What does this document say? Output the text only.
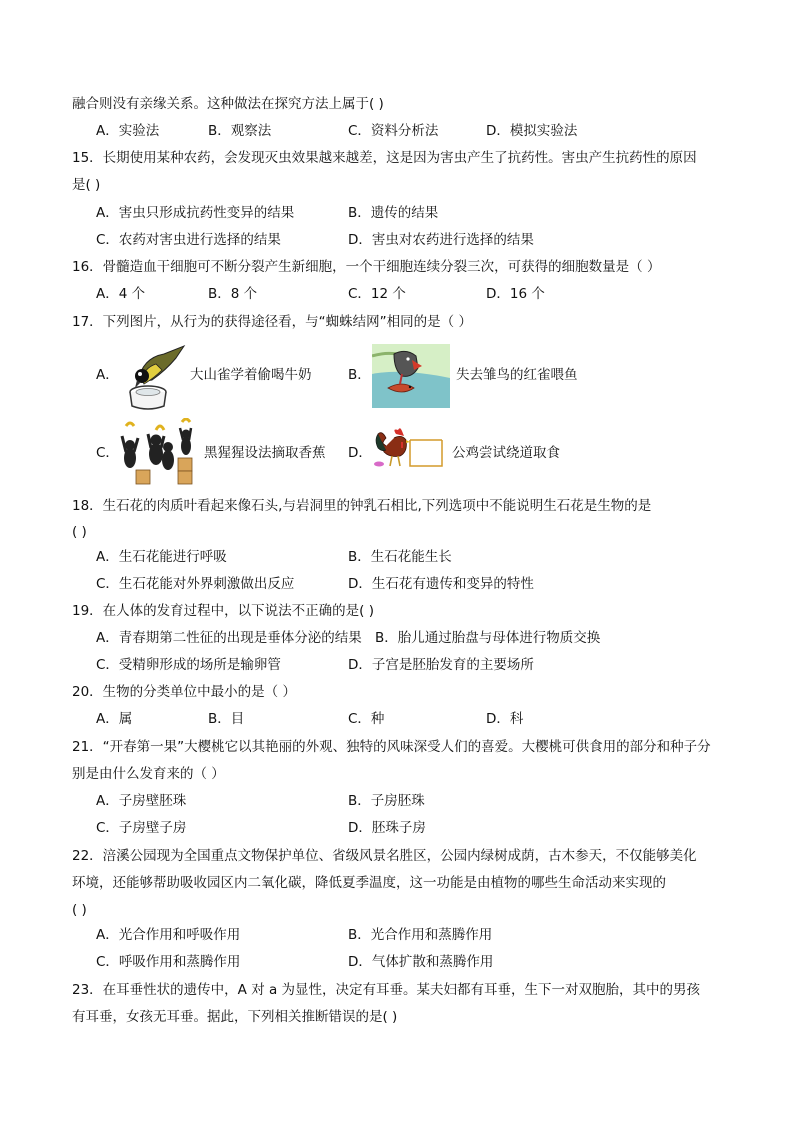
融合则没有亲缘关系。这种做法在探究方法上属于( )
A．实验法	B．观察法	C．资料分析法	D．模拟实验法
15．长期使用某种农药，会发现灭虫效果越来越差，这是因为害虫产生了抗药性。害虫产生抗药性的原因
是( )
A．害虫只形成抗药性变异的结果	B．遗传的结果
C．农药对害虫进行选择的结果	D．害虫对农药进行选择的结果
16．骨髓造血干细胞可不断分裂产生新细胞，一个干细胞连续分裂三次，可获得的细胞数量是（ ）
A．4 个	B．8 个	C．12 个	D．16 个
17．下列图片，从行为的获得途径看，与“蜘蛛结网”相同的是（ ）
A．	大山雀学着偷喝牛奶	B．	失去雏鸟的红雀喂鱼
C．	黑猩猩设法摘取香蕉 D．	公鸡尝试绕道取食
18．生石花的肉质叶看起来像石头,与岩洞里的钟乳石相比,下列选项中不能说明生石花是生物的是
( )
A．生石花能进行呼吸	B．生石花能生长
C．生石花能对外界刺激做出反应	D．生石花有遗传和变异的特性
19．在人体的发育过程中，以下说法不正确的是( )
A．青春期第二性征的出现是垂体分泌的结果 B．胎儿通过胎盘与母体进行物质交换
C．受精卵形成的场所是输卵管	D．子宫是胚胎发育的主要场所
20．生物的分类单位中最小的是（ ）
A．属	B．目	C．种	D．科
21．“开春第一果”大樱桃它以其艳丽的外观、独特的风味深受人们的喜爱。大樱桃可供食用的部分和种子分
别是由什么发育来的（ ）
A．子房壁胚珠	B．子房胚珠
C．子房壁子房	D．胚珠子房
22．涪溪公园现为全国重点文物保护单位、省级风景名胜区，公园内绿树成荫，古木参天，不仅能够美化
环境，还能够帮助吸收园区内二氧化碳，降低夏季温度，这一功能是由植物的哪些生命活动来实现的
( )
A．光合作用和呼吸作用	B．光合作用和蒸腾作用
C．呼吸作用和蒸腾作用	D．气体扩散和蒸腾作用
23．在耳垂性状的遗传中，A 对 a 为显性，决定有耳垂。某夫妇都有耳垂，生下一对双胞胎，其中的男孩
有耳垂，女孩无耳垂。据此，下列相关推断错误的是( )
